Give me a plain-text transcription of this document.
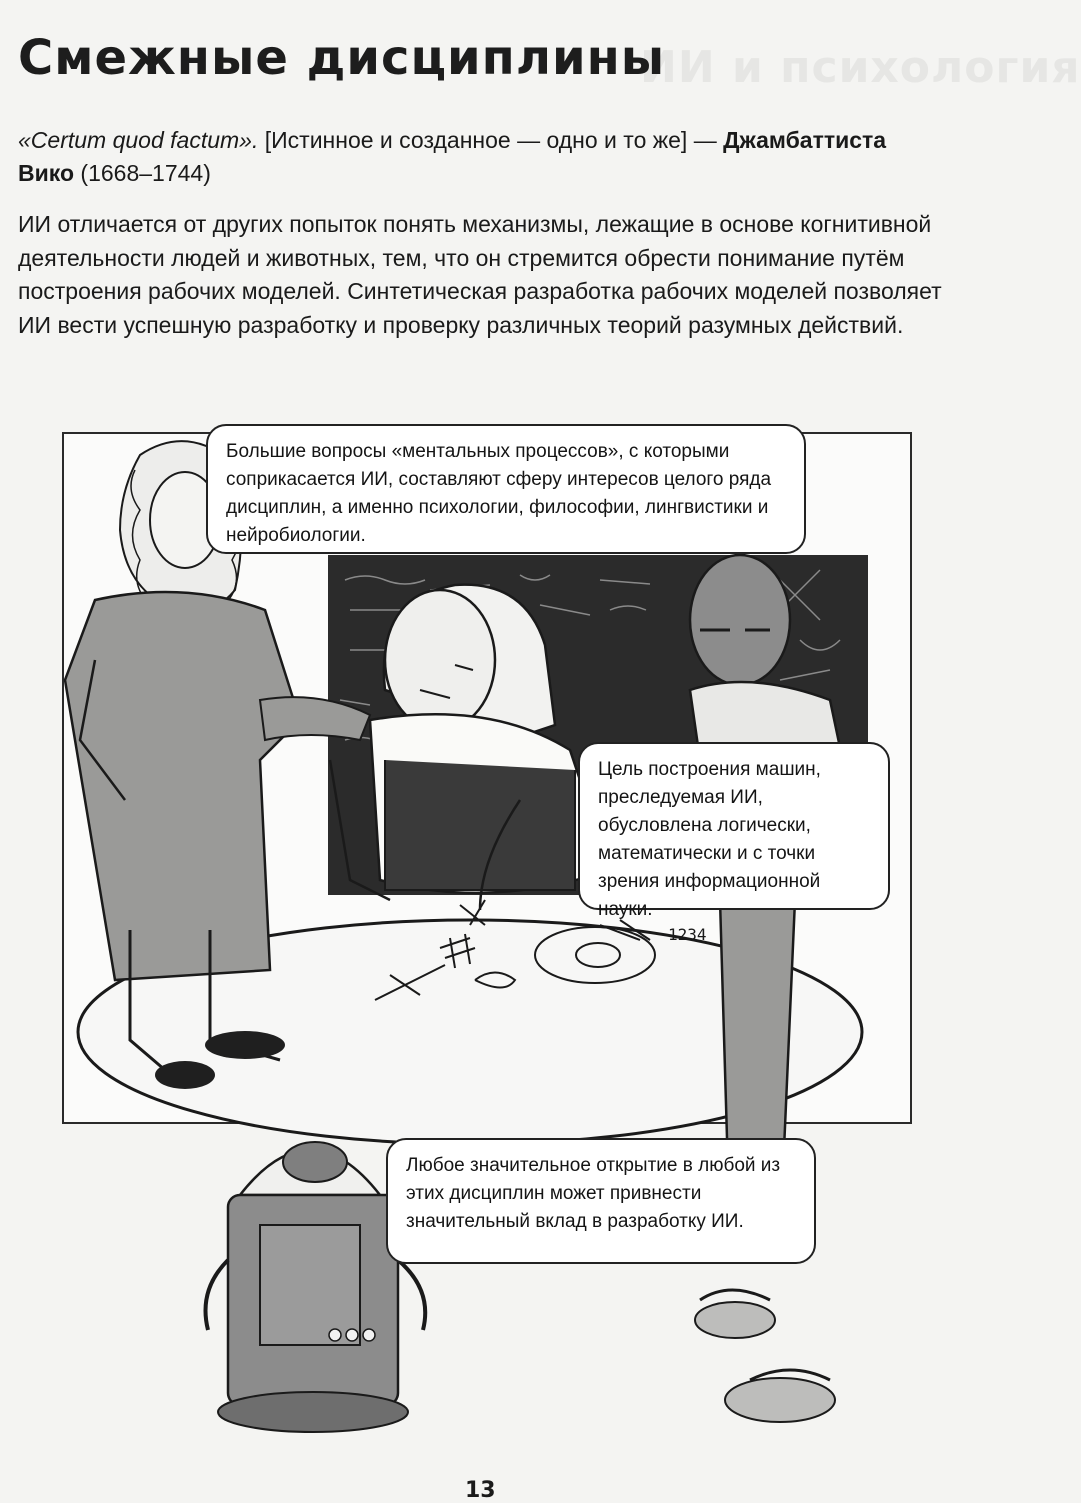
ИИ и психология
Смежные дисциплины

«Certum quod factum». [Истинное и созданное — одно и то же] — Джамбаттиста Вико (1668–1744)

ИИ отличается от других попыток понять механизмы, лежащие в основе когнитивной деятельности людей и животных, тем, что он стремится обрести понимание путём построения рабочих моделей. Синтетическая разработка рабочих моделей позволяет ИИ вести успешную разработку и проверку различных теорий разумных действий.

1234
Большие вопросы «ментальных процессов», с которыми соприкасается ИИ, составляют сферу интересов целого ряда дисциплин, а именно психологии, философии, лингвистики и нейробиологии.
Цель построения машин, преследуемая ИИ, обусловлена логически, математически и с точки зрения информационной науки.
Любое значительное открытие в любой из этих дисциплин может привнести значительный вклад в разработку ИИ.
13
